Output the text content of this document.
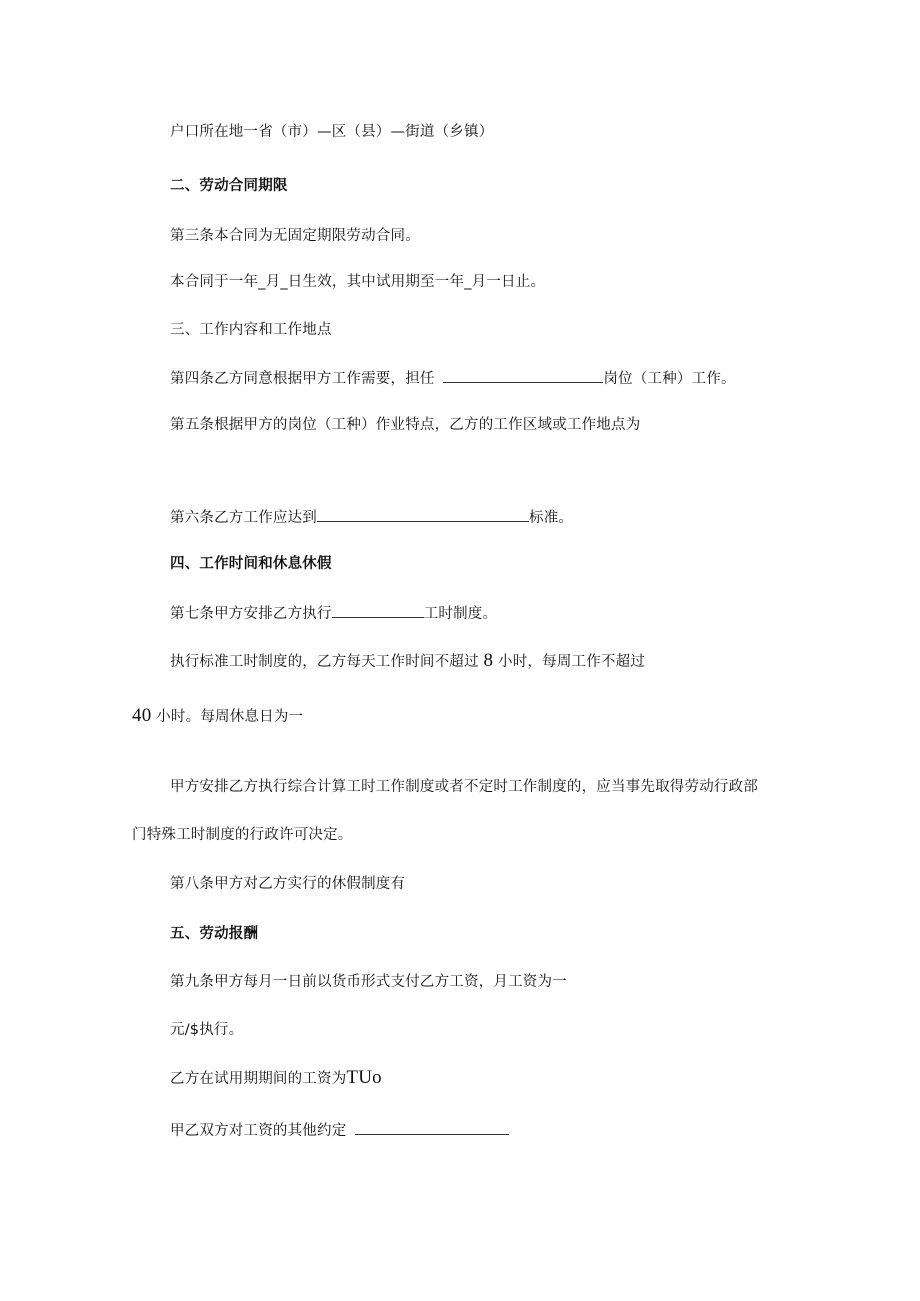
户口所在地一省（市）—区（县）—街道（乡镇）
二、劳动合同期限
第三条本合同为无固定期限劳动合同。
本合同于一年_月_日生效，其中试用期至一年_月一日止。
三、工作内容和工作地点
第四条乙方同意根据甲方工作需要，担任	岗位（工种）工作。
第五条根据甲方的岗位（工种）作业特点，乙方的工作区域或工作地点为
第六条乙方工作应达到	标准。
四、工作时间和休息休假
第七条甲方安排乙方执行	工时制度。
执行标准工时制度的，乙方每天工作时间不超过 8 小时，每周工作不超过
40 小时。每周休息日为一
甲方安排乙方执行综合计算工时工作制度或者不定时工作制度的，应当事先取得劳动行政部
门特殊工时制度的行政许可决定。
第八条甲方对乙方实行的休假制度有
五、劳动报酬
第九条甲方每月一日前以货币形式支付乙方工资，月工资为一
元/$执行。
乙方在试用期期间的工资为TUo
甲乙双方对工资的其他约定
